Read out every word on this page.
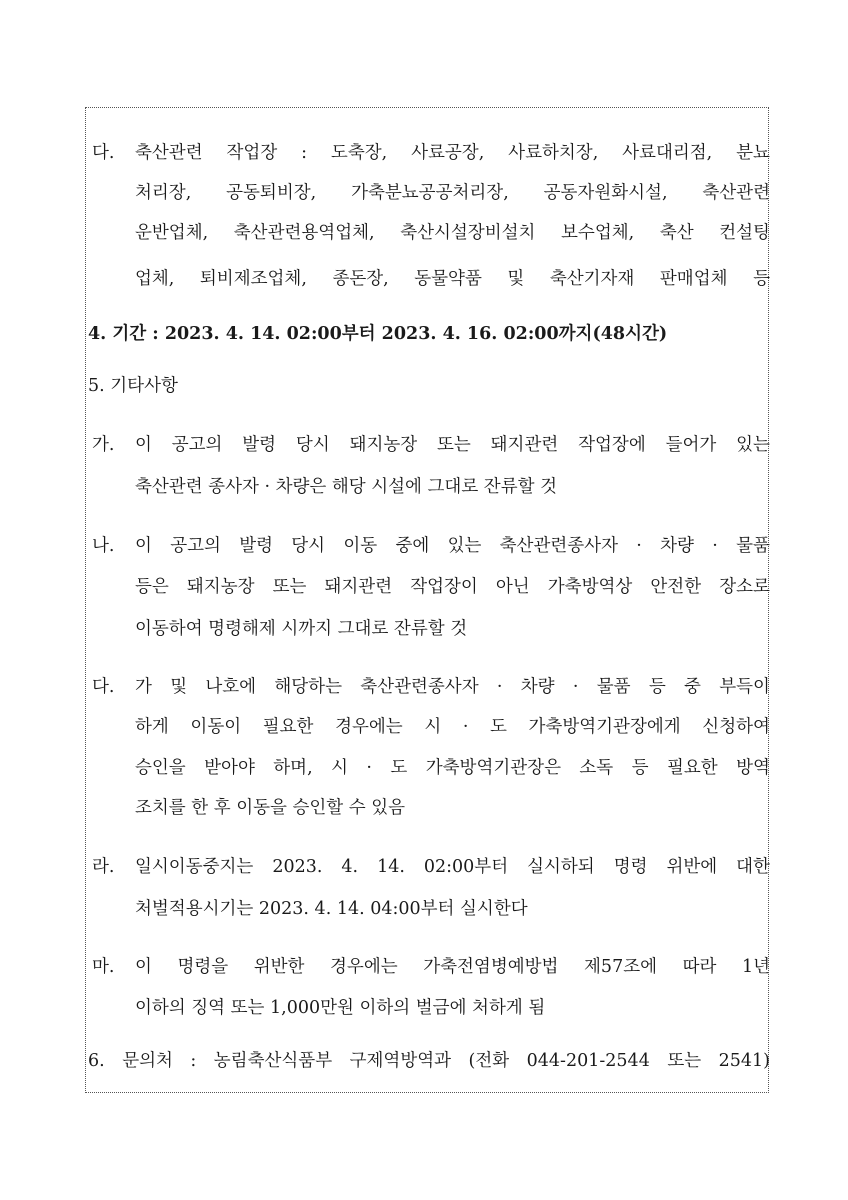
다. 축산관련 작업장 : 도축장, 사료공장, 사료하치장, 사료대리점, 분뇨
처리장, 공동퇴비장, 가축분뇨공공처리장, 공동자원화시설, 축산관련
운반업체, 축산관련용역업체, 축산시설장비설치 보수업체, 축산 컨설팅
업체, 퇴비제조업체, 종돈장, 동물약품 및 축산기자재 판매업체 등
4. 기간 : 2023. 4. 14. 02:00부터 2023. 4. 16. 02:00까지(48시간)
5. 기타사항
가. 이 공고의 발령 당시 돼지농장 또는 돼지관련 작업장에 들어가 있는
축산관련 종사자 · 차량은 해당 시설에 그대로 잔류할 것
나. 이 공고의 발령 당시 이동 중에 있는 축산관련종사자 · 차량 · 물품
등은 돼지농장 또는 돼지관련 작업장이 아닌 가축방역상 안전한 장소로
이동하여 명령해제 시까지 그대로 잔류할 것
다. 가 및 나호에 해당하는 축산관련종사자 · 차량 · 물품 등 중 부득이
하게 이동이 필요한 경우에는 시 · 도 가축방역기관장에게 신청하여
승인을 받아야 하며, 시 · 도 가축방역기관장은 소독 등 필요한 방역
조치를 한 후 이동을 승인할 수 있음
라. 일시이동중지는 2023. 4. 14. 02:00부터 실시하되 명령 위반에 대한
처벌적용시기는 2023. 4. 14. 04:00부터 실시한다
마. 이 명령을 위반한 경우에는 가축전염병예방법 제57조에 따라 1년
이하의 징역 또는 1,000만원 이하의 벌금에 처하게 됨
6. 문의처 : 농림축산식품부 구제역방역과 (전화 044-201-2544 또는 2541)
